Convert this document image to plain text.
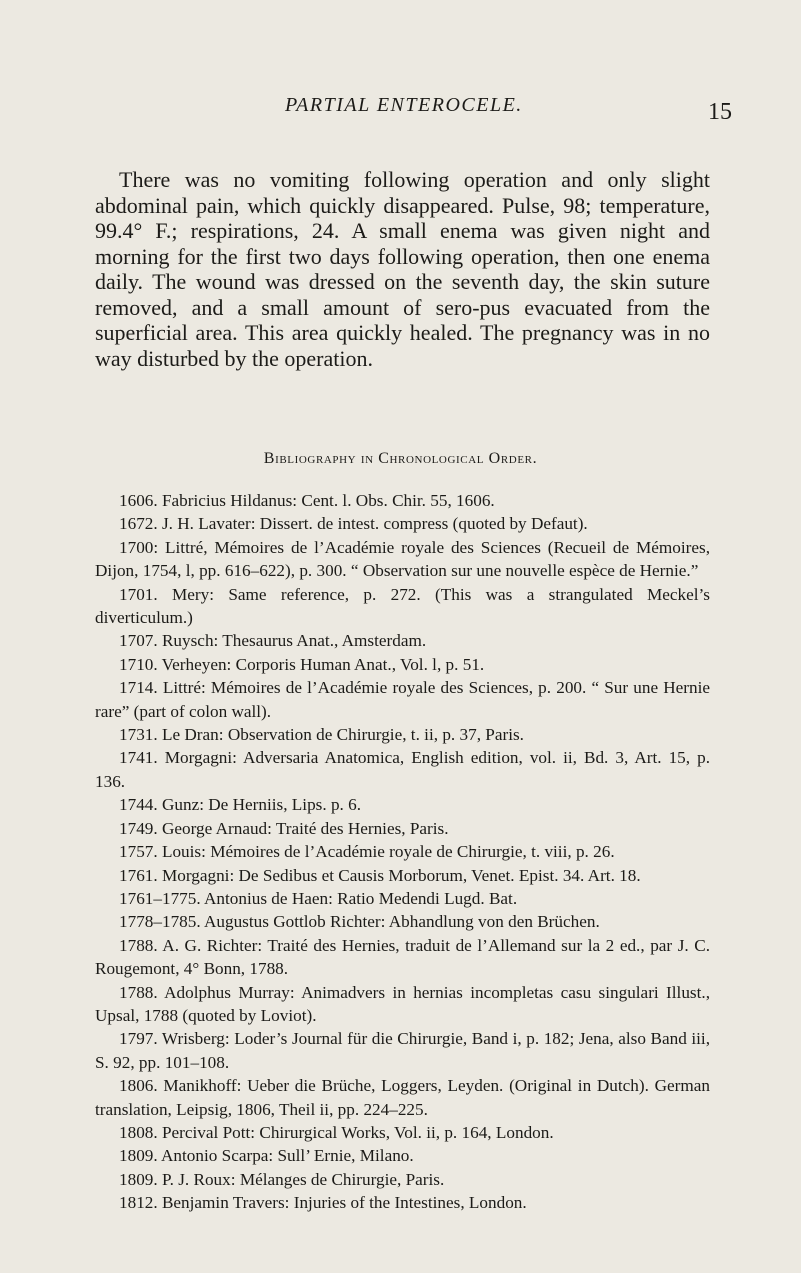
PARTIAL ENTEROCELE.	15

There was no vomiting following operation and only slight abdominal pain, which quickly disappeared. Pulse, 98; temperature, 99.4° F.; respirations, 24. A small enema was given night and morning for the first two days following operation, then one enema daily. The wound was dressed on the seventh day, the skin suture removed, and a small amount of sero-pus evacuated from the superficial area. This area quickly healed. The pregnancy was in no way disturbed by the operation.

Bibliography in Chronological Order.
1606. Fabricius Hildanus: Cent. l. Obs. Chir. 55, 1606.
1672. J. H. Lavater: Dissert. de intest. compress (quoted by Defaut).
1700: Littré, Mémoires de l’Académie royale des Sciences (Recueil de Mémoires, Dijon, 1754, l, pp. 616–622), p. 300. “ Observation sur une nouvelle espèce de Hernie.”
1701. Mery: Same reference, p. 272. (This was a strangulated Meckel’s diverticulum.)
1707. Ruysch: Thesaurus Anat., Amsterdam.
1710. Verheyen: Corporis Human Anat., Vol. l, p. 51.
1714. Littré: Mémoires de l’Académie royale des Sciences, p. 200. “ Sur une Hernie rare” (part of colon wall).
1731. Le Dran: Observation de Chirurgie, t. ii, p. 37, Paris.
1741. Morgagni: Adversaria Anatomica, English edition, vol. ii, Bd. 3, Art. 15, p. 136.
1744. Gunz: De Herniis, Lips. p. 6.
1749. George Arnaud: Traité des Hernies, Paris.
1757. Louis: Mémoires de l’Académie royale de Chirurgie, t. viii, p. 26.
1761. Morgagni: De Sedibus et Causis Morborum, Venet. Epist. 34. Art. 18.
1761–1775. Antonius de Haen: Ratio Medendi Lugd. Bat.
1778–1785. Augustus Gottlob Richter: Abhandlung von den Brüchen.
1788. A. G. Richter: Traité des Hernies, traduit de l’Allemand sur la 2 ed., par J. C. Rougemont, 4° Bonn, 1788.
1788. Adolphus Murray: Animadvers in hernias incompletas casu singulari Illust., Upsal, 1788 (quoted by Loviot).
1797. Wrisberg: Loder’s Journal für die Chirurgie, Band i, p. 182; Jena, also Band iii, S. 92, pp. 101–108.
1806. Manikhoff: Ueber die Brüche, Loggers, Leyden. (Original in Dutch). German translation, Leipsig, 1806, Theil ii, pp. 224–225.
1808. Percival Pott: Chirurgical Works, Vol. ii, p. 164, London.
1809. Antonio Scarpa: Sull’ Ernie, Milano.
1809. P. J. Roux: Mélanges de Chirurgie, Paris.
1812. Benjamin Travers: Injuries of the Intestines, London.
